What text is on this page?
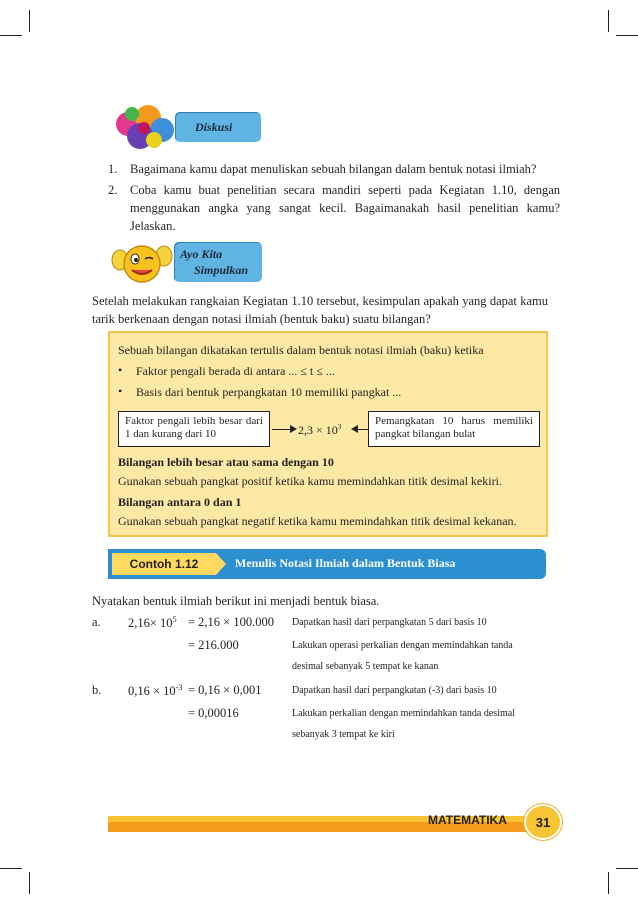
Diskusi
1. Bagaimana kamu dapat menuliskan sebuah bilangan dalam bentuk notasi ilmiah?
2. Coba kamu buat penelitian secara mandiri seperti pada Kegiatan 1.10, dengan menggunakan angka yang sangat kecil. Bagaimanakah hasil penelitian kamu? Jelaskan.
Ayo Kita
Simpulkan
Setelah melakukan rangkaian Kegiatan 1.10 tersebut, kesimpulan apakah yang dapat kamu tarik berkenaan dengan notasi ilmiah (bentuk baku) suatu bilangan?
Sebuah bilangan dikatakan tertulis dalam bentuk notasi ilmiah (baku) ketika
• Faktor pengali berada di antara ... ≤ t ≤ ...
• Basis dari bentuk perpangkatan 10 memiliki pangkat ...
Faktor pengali lebih besar dari 1 dan kurang dari 10	$2,3 \times 10^3$	Pemangkatan 10 harus memiliki pangkat bilangan bulat
Bilangan lebih besar atau sama dengan 10
Gunakan sebuah pangkat positif ketika kamu memindahkan titik desimal kekiri.
Bilangan antara 0 dan 1
Gunakan sebuah pangkat negatif ketika kamu memindahkan titik desimal kekanan.
Contoh 1.12	Menulis Notasi Ilmiah dalam Bentuk Biasa
Nyatakan bentuk ilmiah berikut ini menjadi bentuk biasa.
a. $2,16\times 10^5 = 2,16 \times 100.000$ Dapatkan hasil dari perpangkatan 5 dari basis 10
= 216.000	Lakukan operasi perkalian dengan memindahkan tanda
desimal sebanyak 5 tempat ke kanan
b. $0,16 \times 10^{-3} = 0,16 \times 0,001$	Dapatkan hasil dari perpangkatan (-3) dari basis 10
= 0,00016	Lakukan perkalian dengan memindahkan tanda desimal
sebanyak 3 tempat ke kiri
MATEMATIKA	31
